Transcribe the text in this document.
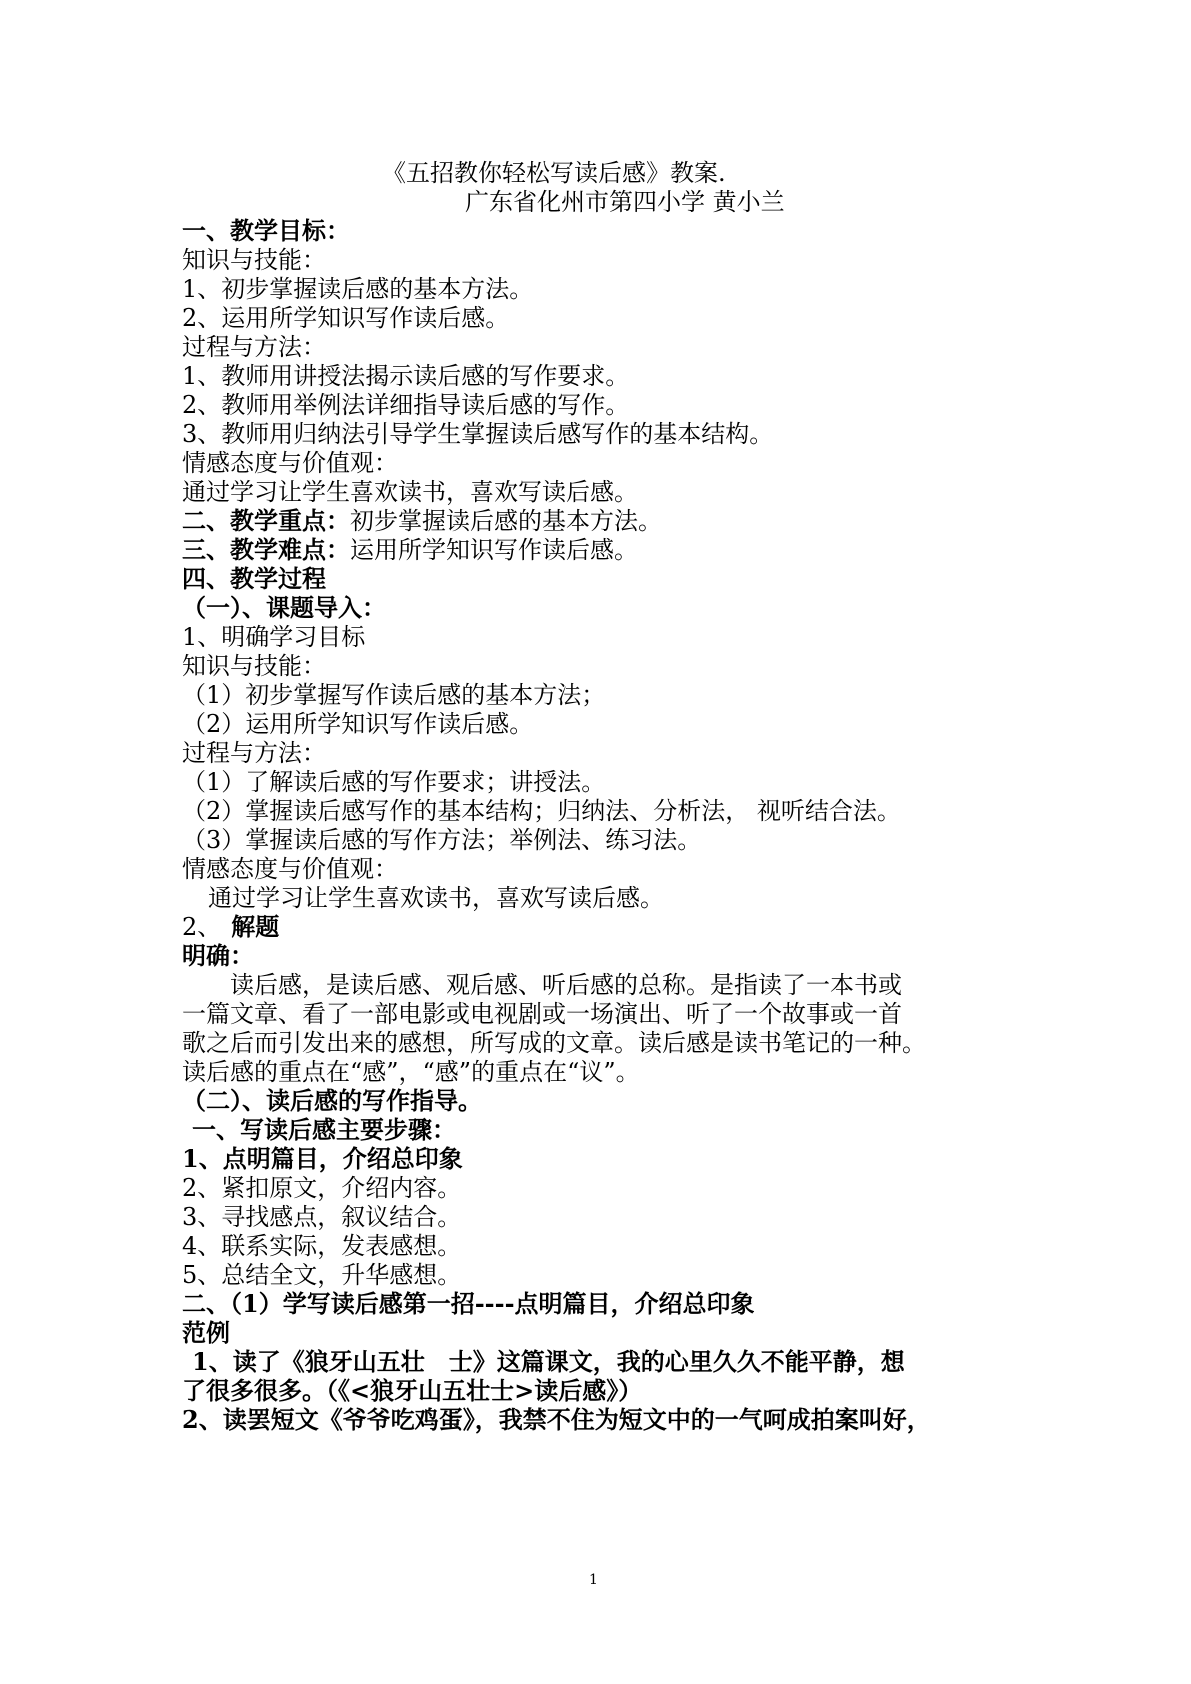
《五招教你轻松写读后感》教案.
广东省化州市第四小学 黄小兰
一、教学目标：
知识与技能：
1、初步掌握读后感的基本方法。
2、运用所学知识写作读后感。
过程与方法：
1、教师用讲授法揭示读后感的写作要求。
2、教师用举例法详细指导读后感的写作。
3、教师用归纳法引导学生掌握读后感写作的基本结构。
情感态度与价值观：
通过学习让学生喜欢读书，喜欢写读后感。
二、教学重点：初步掌握读后感的基本方法。
三、教学难点：运用所学知识写作读后感。
四、教学过程
（一）、课题导入：
1、明确学习目标
知识与技能：
（1）初步掌握写作读后感的基本方法；
（2）运用所学知识写作读后感。
过程与方法：
（1）了解读后感的写作要求；讲授法。
（2）掌握读后感写作的基本结构；归纳法、分析法， 视听结合法。
（3）掌握读后感的写作方法；举例法、练习法。
情感态度与价值观：
通过学习让学生喜欢读书，喜欢写读后感。
2、 解题
明确：
读后感，是读后感、观后感、听后感的总称。是指读了一本书或
一篇文章、看了一部电影或电视剧或一场演出、听了一个故事或一首
歌之后而引发出来的感想，所写成的文章。读后感是读书笔记的一种。
读后感的重点在“感”，“感”的重点在“议”。
（二）、读后感的写作指导。
一、写读后感主要步骤：
1、点明篇目，介绍总印象
2、紧扣原文，介绍内容。
3、寻找感点，叙议结合。
4、联系实际，发表感想。
5、总结全文，升华感想。
二、（1）学写读后感第一招----点明篇目，介绍总印象
范例
1、读了《狼牙山五壮　士》这篇课文，我的心里久久不能平静，想
了很多很多。（《<狼牙山五壮士>读后感》）
2、读罢短文《爷爷吃鸡蛋》，我禁不住为短文中的一气呵成拍案叫好，
1
